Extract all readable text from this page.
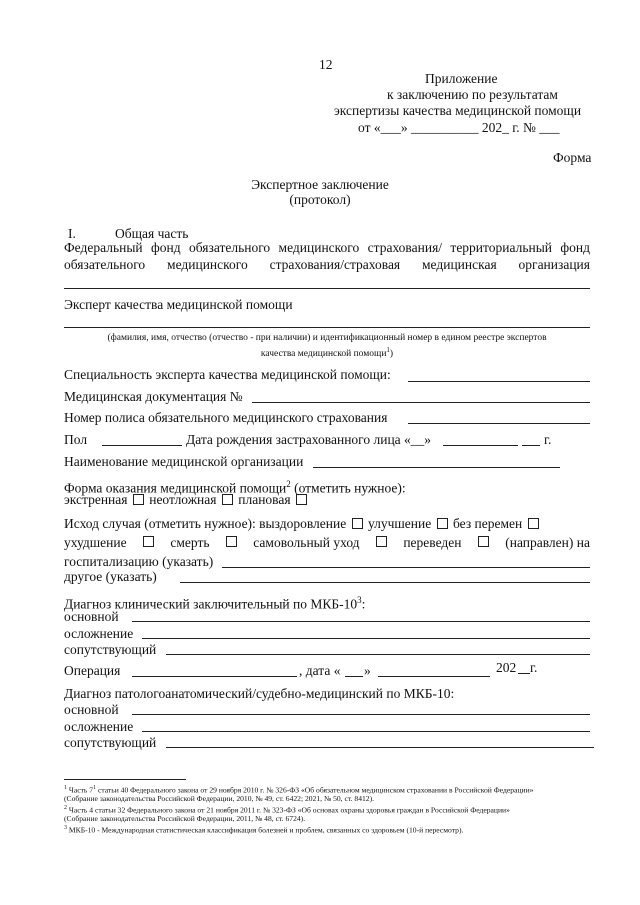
12
Приложение
к заключению по результатам
экспертизы качества медицинской помощи
от «___» __________ 202_ г. № ___
Форма
Экспертное заключение
(протокол)
I.	Общая часть
Федеральный фонд обязательного медицинского страхования/ территориальный фонд
обязательного медицинского страхования/страховая медицинская организация
Эксперт качества медицинской помощи
(фамилия, имя, отчество (отчество - при наличии) и идентификационный номер в едином реестре экспертов
качества медицинской помощи$^1$)
Специальность эксперта качества медицинской помощи:
Медицинская документация №
Номер полиса обязательного медицинского страхования
Пол	Дата рождения застрахованного лица «__»	г.
Наименование медицинской организации
Форма оказания медицинской помощи$^2$ (отметить нужное):
экстренная неотложная плановая
Исход случая (отметить нужное): выздоровление улучшение без перемен
ухудшение	смерть	самовольный уход	переведен	(направлен) на
госпитализацию (указать)
другое (указать)
Диагноз клинический заключительный по МКБ-$10^3$:
основной
осложнение
сопутствующий
Операция	, дата « »	202 г.
Диагноз патологоанатомический/судебно-медицинский по МКБ-10:
основной
осложнение
сопутствующий
$^1$ Часть $7^1$ статьи 40 Федерального закона от 29 ноября 2010 г. № 326-ФЗ «Об обязательном медицинском страховании в Российской Федерации»
(Собрание законодательства Российской Федерации, 2010, № 49, ст. 6422; 2021, № 50, ст. 8412).
$^2$ Часть 4 статьи 32 Федерального закона от 21 ноября 2011 г. № 323-ФЗ «Об основах охраны здоровья граждан в Российской Федерации»
(Собрание законодательства Российской Федерации, 2011, № 48, ст. 6724).
$^3$ МКБ-10 - Международная статистическая классификация болезней и проблем, связанных со здоровьем (10-й пересмотр).
